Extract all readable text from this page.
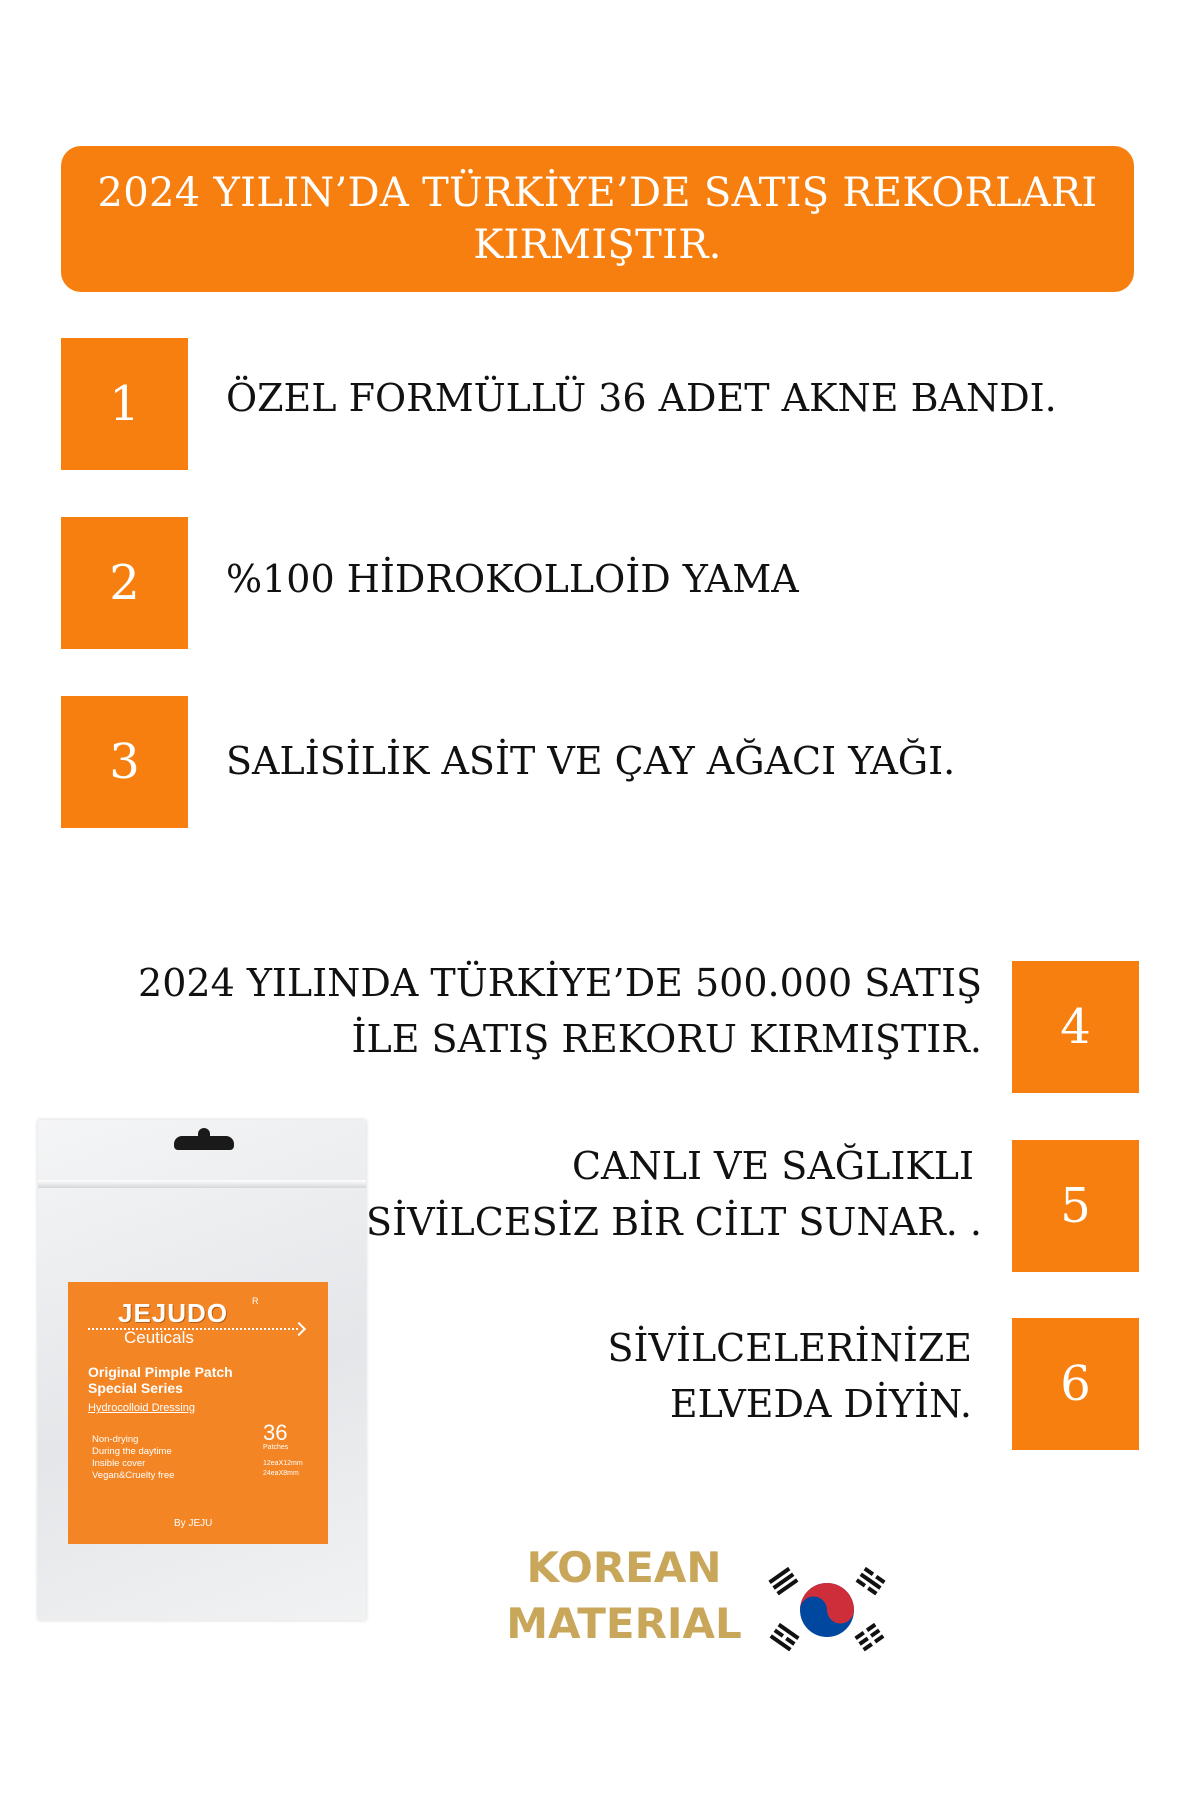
2024 YILIN’DA TÜRKİYE’DE SATIŞ REKORLARI
KIRMIŞTIR.
1 ÖZEL FORMÜLLÜ 36 ADET AKNE BANDI.
2 %100 HİDROKOLLOİD YAMA
3 SALİSİLİK ASİT VE ÇAY AĞACI YAĞI.
2024 YILINDA TÜRKİYE’DE 500.000 SATIŞ
İLE SATIŞ REKORU KIRMIŞTIR. 4
CANLI VE SAĞLIKLI
SİVİLCESİZ BİR CİLT SUNAR. . 5
SİVİLCELERİNİZE
ELVEDA DİYİN. 6
JEJUDO	R
Ceuticals
Original Pimple Patch
Special Series
Hydrocolloid Dressing
Non-drying
During the daytime
Insible cover
Vegan&Cruelty free
36
Patches
12eaX12mm
24eaX8mm
By JEJU
KOREAN
MATERIAL
